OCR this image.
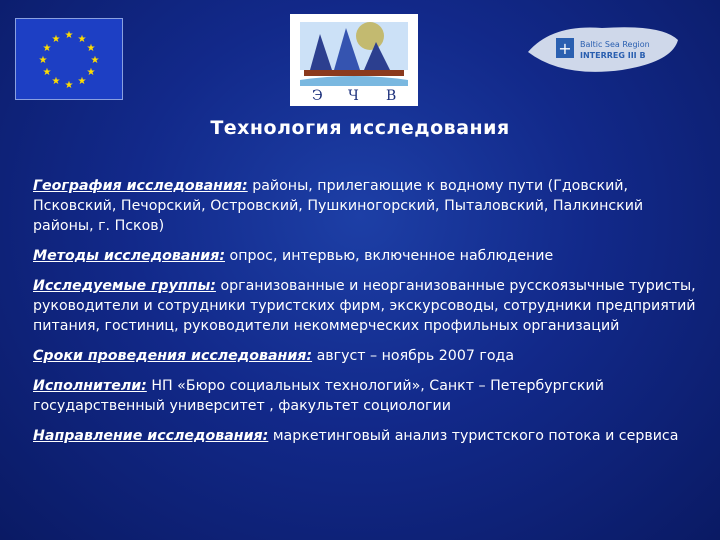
★ ★
★
★
★
★
★
★
★
★
★
★
Э Ч В
+ Baltic Sea Region
INTERREG III B
Технология исследования

География исследования: районы, прилегающие к водному пути (Гдовский, Псковский, Печорский, Островский, Пушкиногорский, Пыталовский, Палкинский районы, г. Псков)

Методы исследования: опрос, интервью, включенное наблюдение

Исследуемые группы: организованные и неорганизованные русскоязычные туристы, руководители и сотрудники туристских фирм, экскурсоводы, сотрудники предприятий питания, гостиниц, руководители некоммерческих профильных организаций

Сроки проведения исследования: август – ноябрь 2007 года

Исполнители: НП «Бюро социальных технологий», Санкт – Петербургский государственный университет , факультет социологии

Направление исследования: маркетинговый анализ туристского потока и сервиса
